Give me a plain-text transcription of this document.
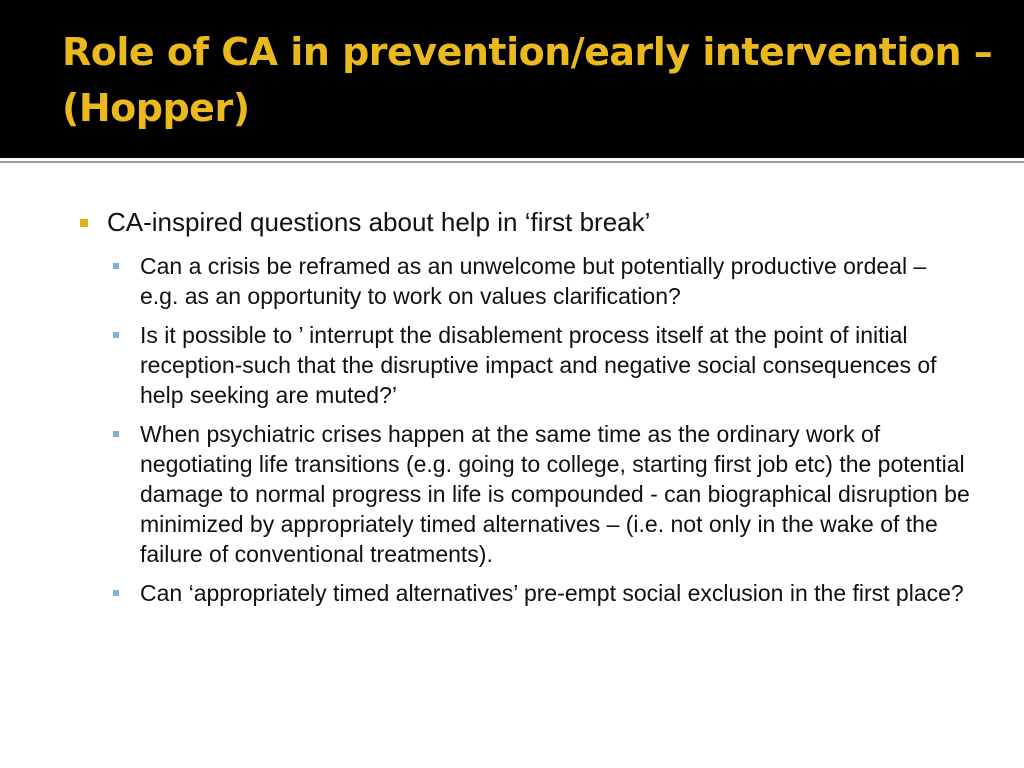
Role of CA in prevention/early intervention – (Hopper)

CA-inspired questions about help in ‘first break’

Can a crisis be reframed as an unwelcome but potentially productive ordeal – e.g. as an opportunity to work on values clarification?

Is it possible to ’ interrupt the disablement process itself at the point of initial reception-such that the disruptive impact and negative social consequences of help seeking are muted?’

When psychiatric crises happen at the same time as the ordinary work of negotiating life transitions (e.g. going to college, starting first job etc) the potential damage to normal progress in life is compounded - can biographical disruption be minimized by appropriately timed alternatives – (i.e. not only in the wake of the failure of conventional treatments).

Can ‘appropriately timed alternatives’ pre-empt social exclusion in the first place?
